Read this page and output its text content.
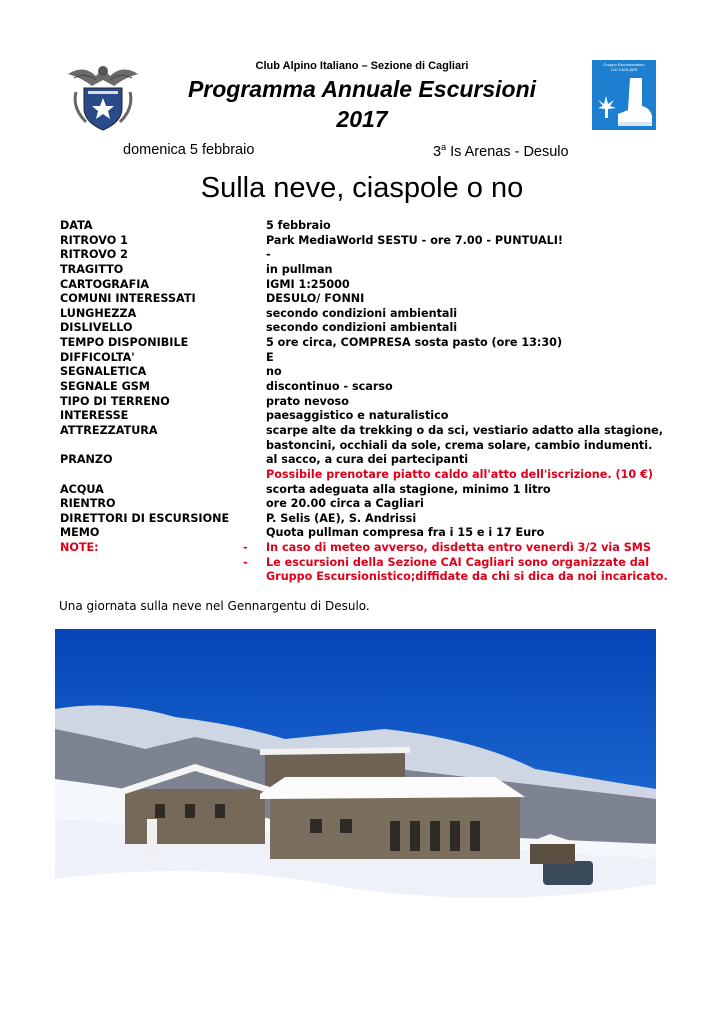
Gruppo Escursionistico
CAI CAGLIARI
Club Alpino Italiano – Sezione di Cagliari
Programma Annuale Escursioni
2017
domenica 5 febbraio	3$^a$ Is Arenas - Desulo
Sulla neve, ciaspole o no
DATA	5 febbraio
RITROVO 1	Park MediaWorld SESTU - ore 7.00 - PUNTUALI!
RITROVO 2	-
TRAGITTO	in pullman
CARTOGRAFIA	IGMI 1:25000
COMUNI INTERESSATI	DESULO/ FONNI
LUNGHEZZA	secondo condizioni ambientali
DISLIVELLO	secondo condizioni ambientali
TEMPO DISPONIBILE	5 ore circa, COMPRESA sosta pasto (ore 13:30)
DIFFICOLTA'	E
SEGNALETICA	no
SEGNALE GSM	discontinuo - scarso
TIPO DI TERRENO	prato nevoso
INTERESSE	paesaggistico e naturalistico
ATTREZZATURA	scarpe alte da trekking o da sci, vestiario adatto alla stagione,
bastoncini, occhiali da sole, crema solare, cambio indumenti.
PRANZO	al sacco, a cura dei partecipanti
Possibile prenotare piatto caldo all'atto dell'iscrizione. (10 €)
ACQUA	scorta adeguata alla stagione, minimo 1 litro
RIENTRO	ore 20.00 circa a Cagliari
DIRETTORI DI ESCURSIONE	P. Selis (AE), S. Andrissi
MEMO	Quota pullman compresa fra i 15 e i 17 Euro
NOTE:	- In caso di meteo avverso, disdetta entro venerdì 3/2 via SMS
- Le escursioni della Sezione CAI Cagliari sono organizzate dal
Gruppo Escursionistico;diffidate da chi si dica da noi incaricato.
Una giornata sulla neve nel Gennargentu di Desulo.
